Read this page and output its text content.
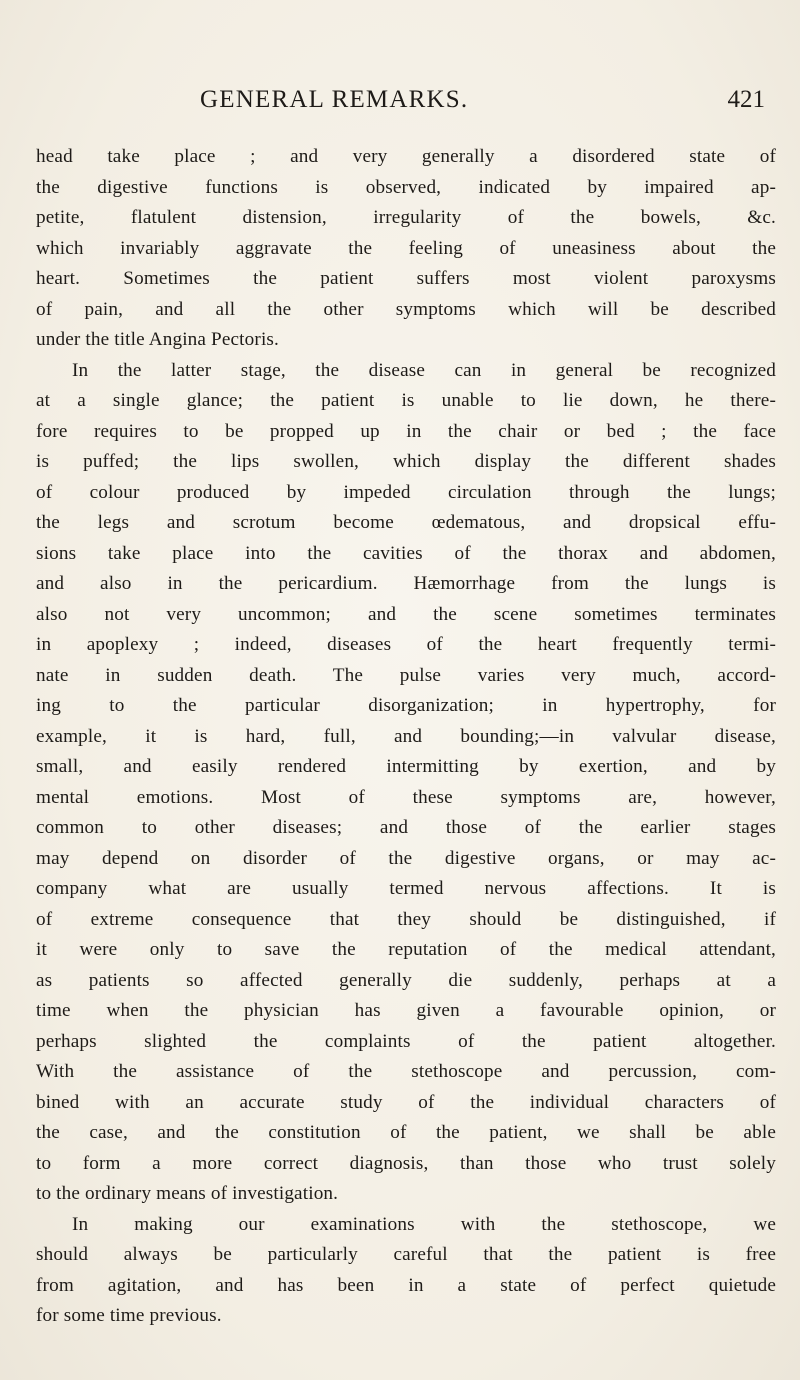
GENERAL REMARKS.	421
head take place ; and very generally a disordered state of
the digestive functions is observed, indicated by impaired ap-
petite, flatulent distension, irregularity of the bowels, &c.
which invariably aggravate the feeling of uneasiness about the
heart. Sometimes the patient suffers most violent paroxysms
of pain, and all the other symptoms which will be described
under the title Angina Pectoris.
In the latter stage, the disease can in general be recognized
at a single glance; the patient is unable to lie down, he there-
fore requires to be propped up in the chair or bed ; the face
is puffed; the lips swollen, which display the different shades
of colour produced by impeded circulation through the lungs;
the legs and scrotum become œdematous, and dropsical effu-
sions take place into the cavities of the thorax and abdomen,
and also in the pericardium. Hæmorrhage from the lungs is
also not very uncommon; and the scene sometimes terminates
in apoplexy ; indeed, diseases of the heart frequently termi-
nate in sudden death. The pulse varies very much, accord-
ing to the particular disorganization; in hypertrophy, for
example, it is hard, full, and bounding;—in valvular disease,
small, and easily rendered intermitting by exertion, and by
mental emotions. Most of these symptoms are, however,
common to other diseases; and those of the earlier stages
may depend on disorder of the digestive organs, or may ac-
company what are usually termed nervous affections. It is
of extreme consequence that they should be distinguished, if
it were only to save the reputation of the medical attendant,
as patients so affected generally die suddenly, perhaps at a
time when the physician has given a favourable opinion, or
perhaps slighted the complaints of the patient altogether.
With the assistance of the stethoscope and percussion, com-
bined with an accurate study of the individual characters of
the case, and the constitution of the patient, we shall be able
to form a more correct diagnosis, than those who trust solely
to the ordinary means of investigation.
In making our examinations with the stethoscope, we
should always be particularly careful that the patient is free
from agitation, and has been in a state of perfect quietude
for some time previous.
